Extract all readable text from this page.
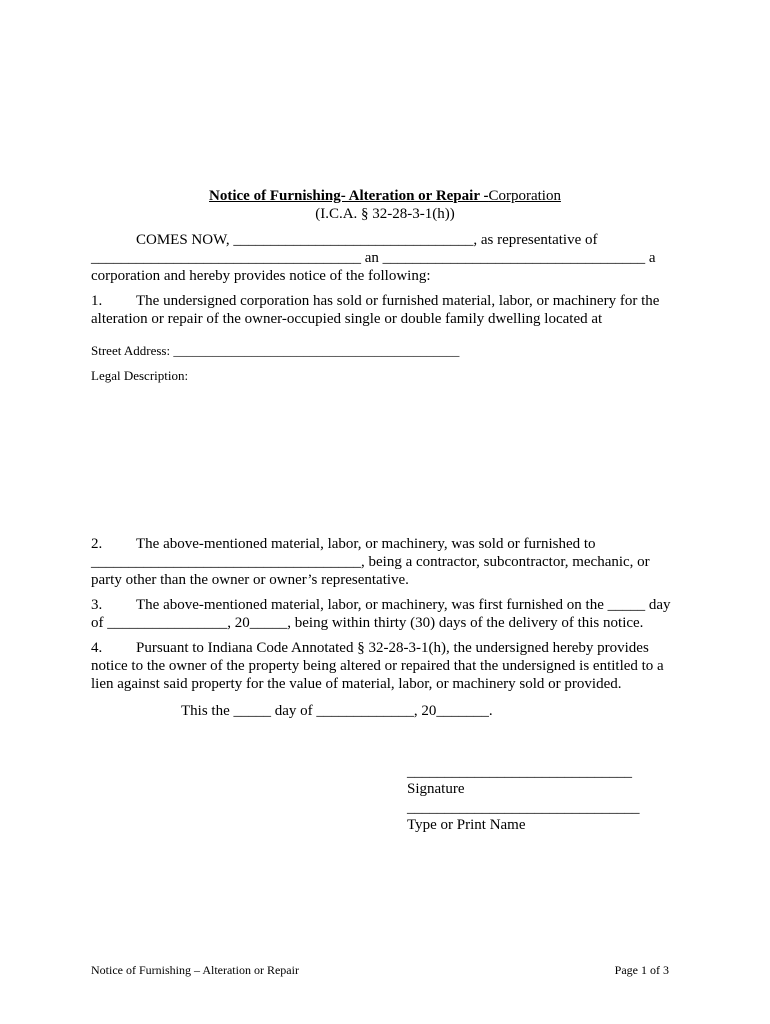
Notice of Furnishing- Alteration or Repair -Corporation
(I.C.A. § 32-28-3-1(h))
COMES NOW, ________________________________, as representative of
____________________________________ an ___________________________________ a
corporation and hereby provides notice of the following:
1. The undersigned corporation has sold or furnished material, labor, or machinery for the
alteration or repair of the owner-occupied single or double family dwelling located at
Street Address: ____________________________________________
Legal Description:
2. The above-mentioned material, labor, or machinery, was sold or furnished to
____________________________________, being a contractor, subcontractor, mechanic, or
party other than the owner or owner’s representative.
3. The above-mentioned material, labor, or machinery, was first furnished on the _____ day
of ________________, 20_____, being within thirty (30) days of the delivery of this notice.
4. Pursuant to Indiana Code Annotated § 32-28-3-1(h), the undersigned hereby provides
notice to the owner of the property being altered or repaired that the undersigned is entitled to a
lien against said property for the value of material, labor, or machinery sold or provided.
This the _____ day of _____________, 20_______.
______________________________
Signature
_______________________________
Type or Print Name
Notice of Furnishing – Alteration or Repair	Page 1 of 3
